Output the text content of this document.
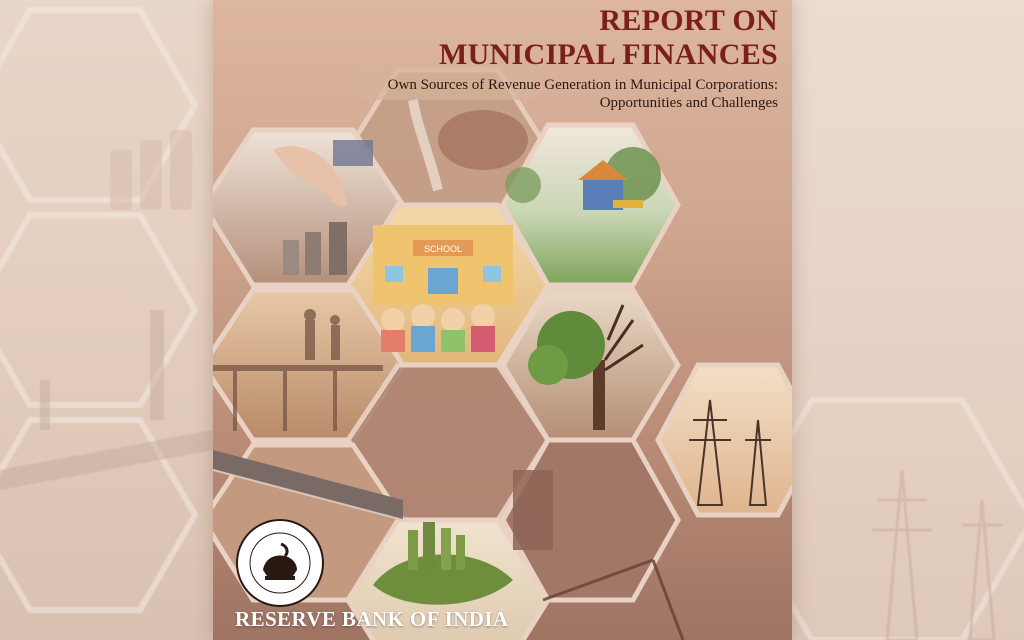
SCHOOL
REPORT ON
MUNICIPAL FINANCES
Own Sources of Revenue Generation in Municipal Corporations:
Opportunities and Challenges
RESERVE BANK OF INDIA
